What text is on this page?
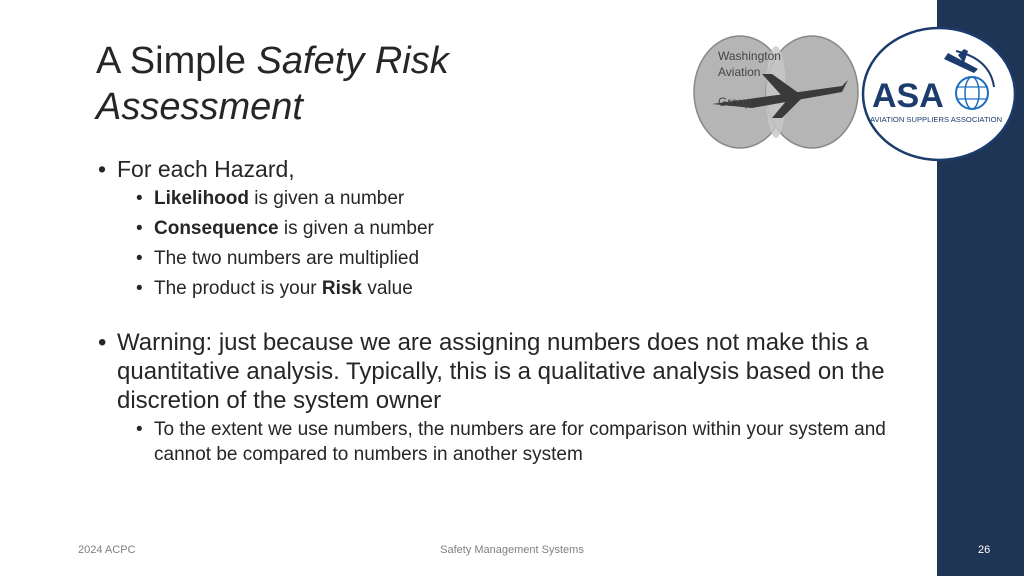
A Simple Safety Risk
Assessment
Washington
Aviation
Group	ASA
AVIATION SUPPLIERS ASSOCIATION
• For each Hazard,
• Likelihood is given a number
• Consequence is given a number
• The two numbers are multiplied
• The product is your Risk value
• Warning: just because we are assigning numbers does not make this a quantitative analysis. Typically, this is a qualitative analysis based on the discretion of the system owner
• To the extent we use numbers, the numbers are for comparison within your system and cannot be compared to numbers in another system
2024 ACPC	Safety Management Systems	26
